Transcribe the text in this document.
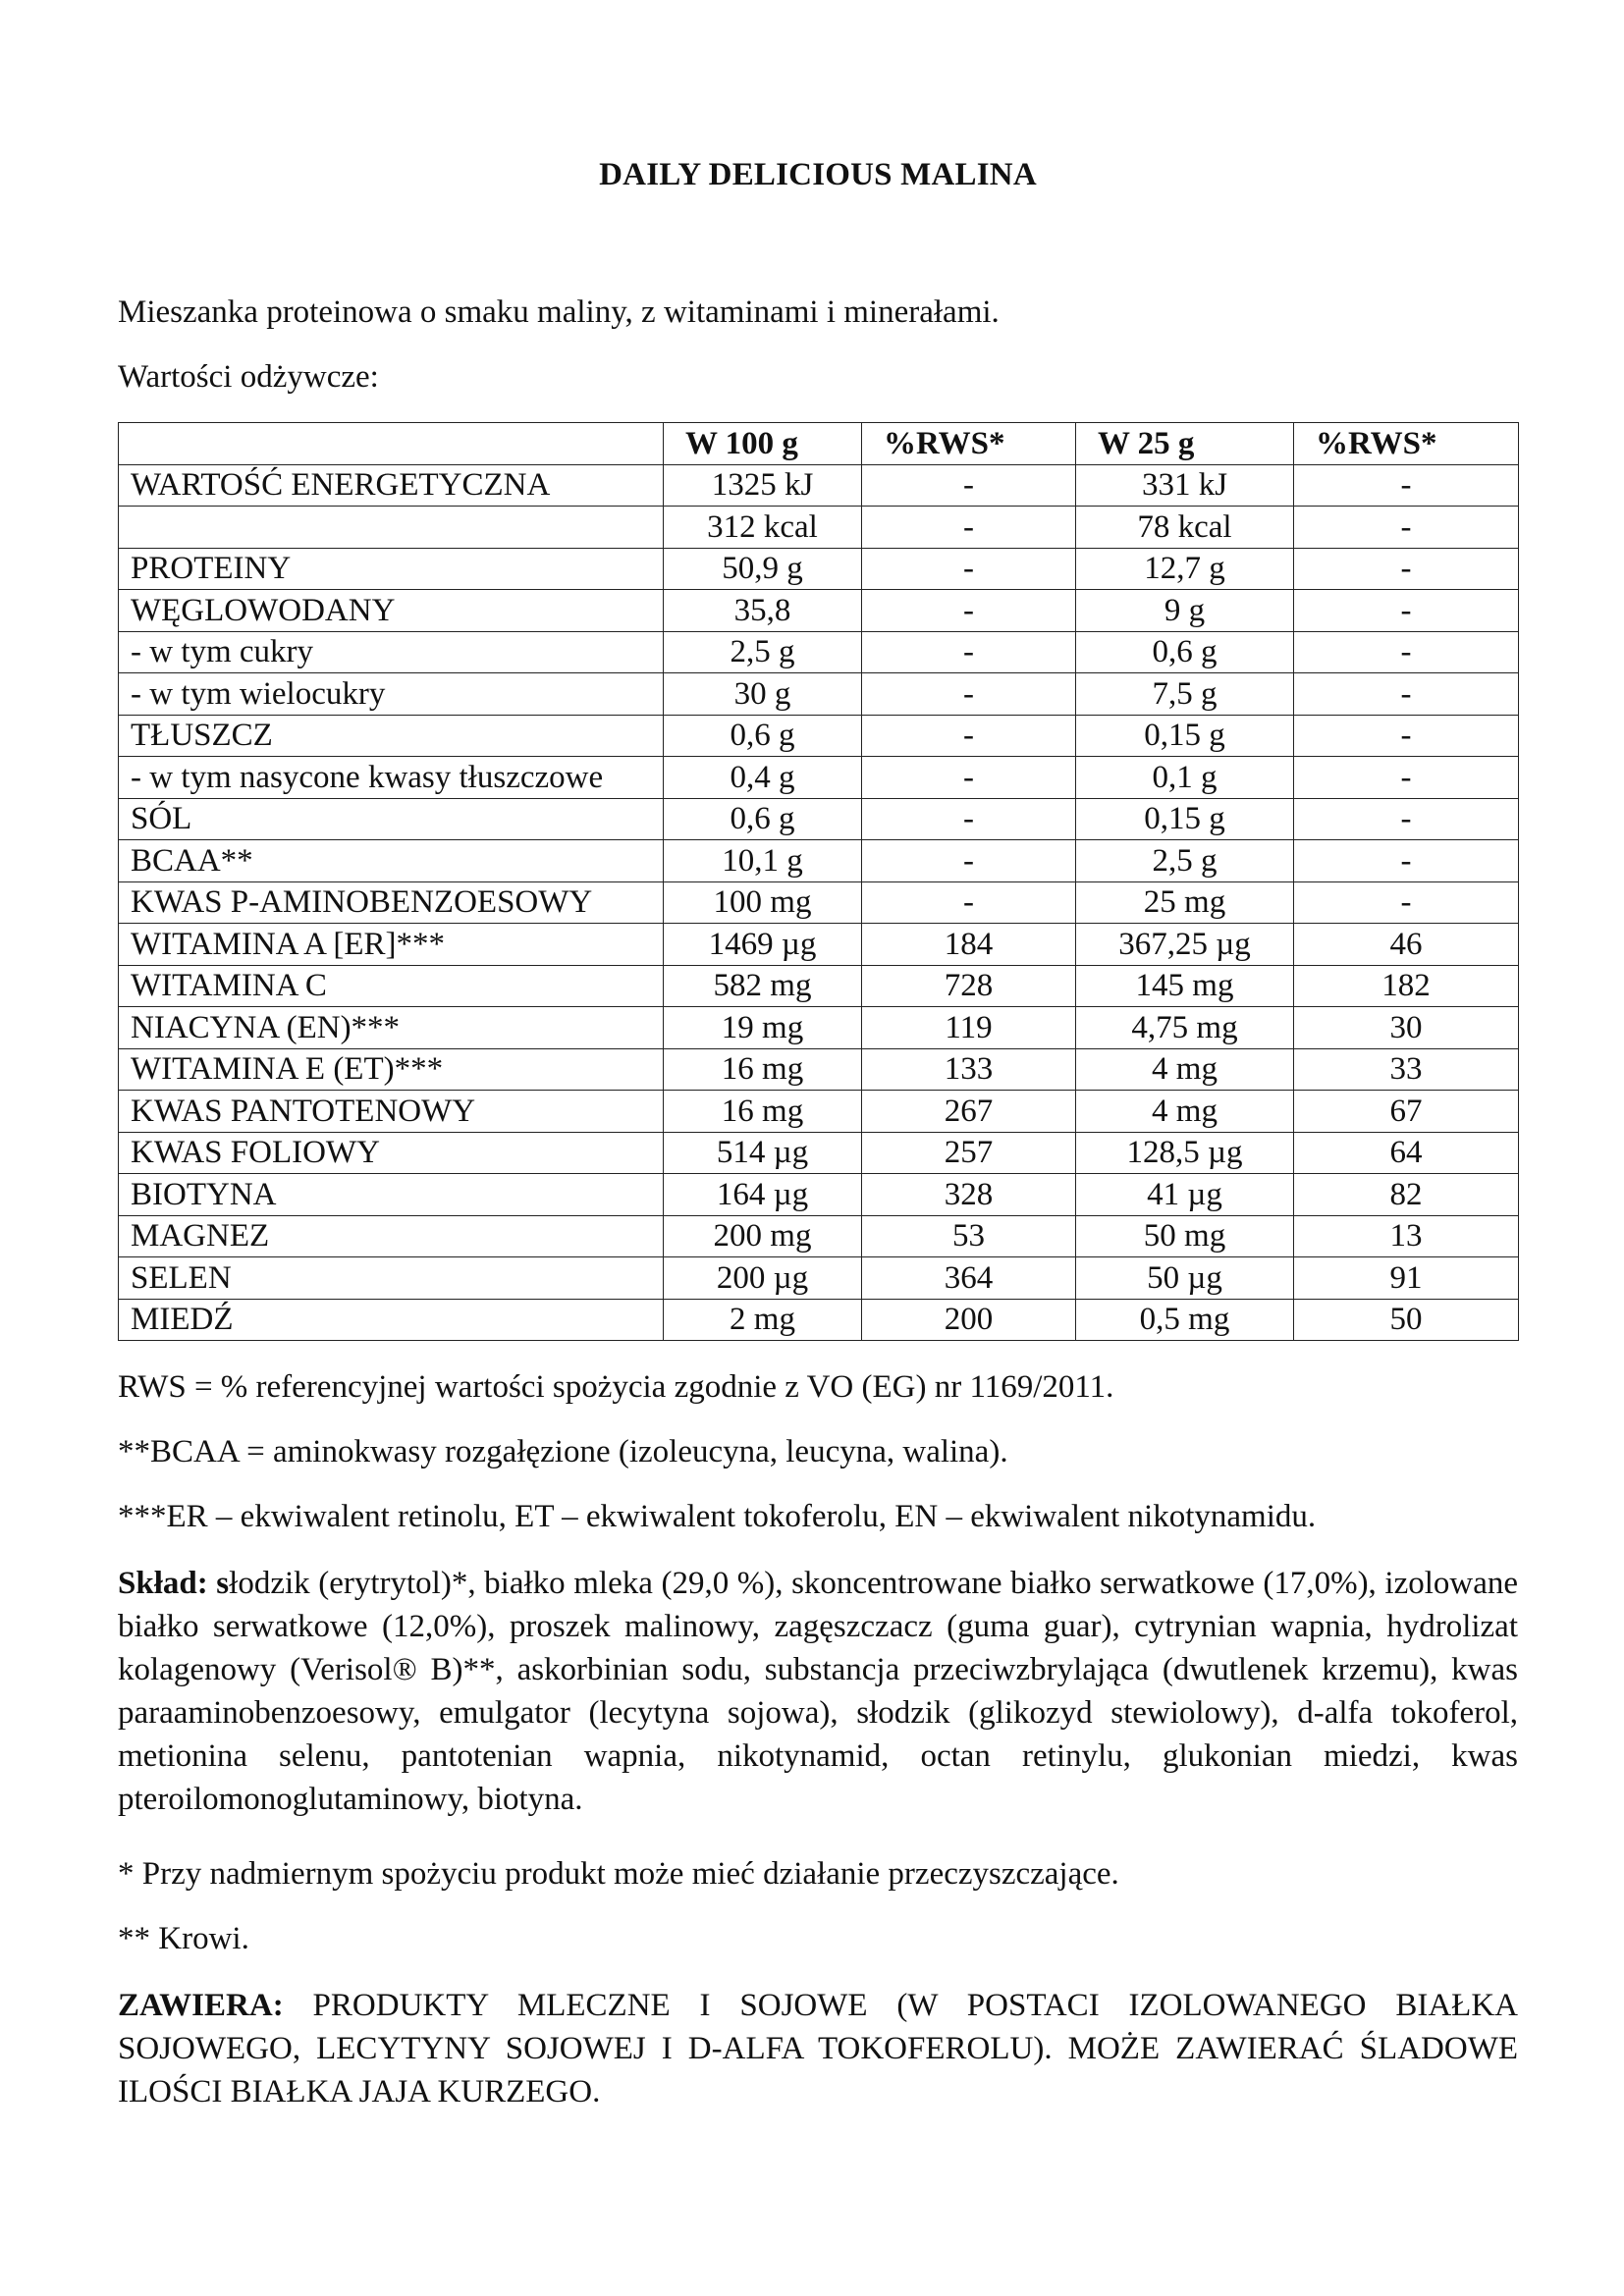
DAILY DELICIOUS MALINA
Mieszanka proteinowa o smaku maliny, z witaminami i minerałami.
Wartości odżywcze:
	W 100 g	%RWS*	W 25 g	%RWS*
WARTOŚĆ ENERGETYCZNA	1325 kJ	-	331 kJ	-
	312 kcal	-	78 kcal	-
PROTEINY	50,9 g	-	12,7 g	-
WĘGLOWODANY	35,8	-	9 g	-
- w tym cukry	2,5 g	-	0,6 g	-
- w tym wielocukry	30 g	-	7,5 g	-
TŁUSZCZ	0,6 g	-	0,15 g	-
- w tym nasycone kwasy tłuszczowe	0,4 g	-	0,1 g	-
SÓL	0,6 g	-	0,15 g	-
BCAA**	10,1 g	-	2,5 g	-
KWAS P-AMINOBENZOESOWY	100 mg	-	25 mg	-
WITAMINA A [ER]***	1469 µg	184	367,25 µg	46
WITAMINA C	582 mg	728	145 mg	182
NIACYNA (EN)***	19 mg	119	4,75 mg	30
WITAMINA E (ET)***	16 mg	133	4 mg	33
KWAS PANTOTENOWY	16 mg	267	4 mg	67
KWAS FOLIOWY	514 µg	257	128,5 µg	64
BIOTYNA	164 µg	328	41 µg	82
MAGNEZ	200 mg	53	50 mg	13
SELEN	200 µg	364	50 µg	91
MIEDŹ	2 mg	200	0,5 mg	50
RWS = % referencyjnej wartości spożycia zgodnie z VO (EG) nr 1169/2011.
**BCAA = aminokwasy rozgałęzione (izoleucyna, leucyna, walina).
***ER – ekwiwalent retinolu, ET – ekwiwalent tokoferolu, EN – ekwiwalent nikotynamidu.
Skład: słodzik (erytrytol)*, białko mleka (29,0 %), skoncentrowane białko serwatkowe (17,0%), izolowane białko serwatkowe (12,0%), proszek malinowy, zagęszczacz (guma guar), cytrynian wapnia, hydrolizat kolagenowy (Verisol® B)**, askorbinian sodu, substancja przeciwzbrylająca (dwutlenek krzemu), kwas paraaminobenzoesowy, emulgator (lecytyna sojowa), słodzik (glikozyd stewiolowy), d-alfa tokoferol, metionina selenu, pantotenian wapnia, nikotynamid, octan retinylu, glukonian miedzi, kwas pteroilomonoglutaminowy, biotyna.
* Przy nadmiernym spożyciu produkt może mieć działanie przeczyszczające.
** Krowi.
ZAWIERA: PRODUKTY MLECZNE I SOJOWE (W POSTACI IZOLOWANEGO BIAŁKA SOJOWEGO, LECYTYNY SOJOWEJ I D-ALFA TOKOFEROLU). MOŻE ZAWIERAĆ ŚLADOWE ILOŚCI BIAŁKA JAJA KURZEGO.
